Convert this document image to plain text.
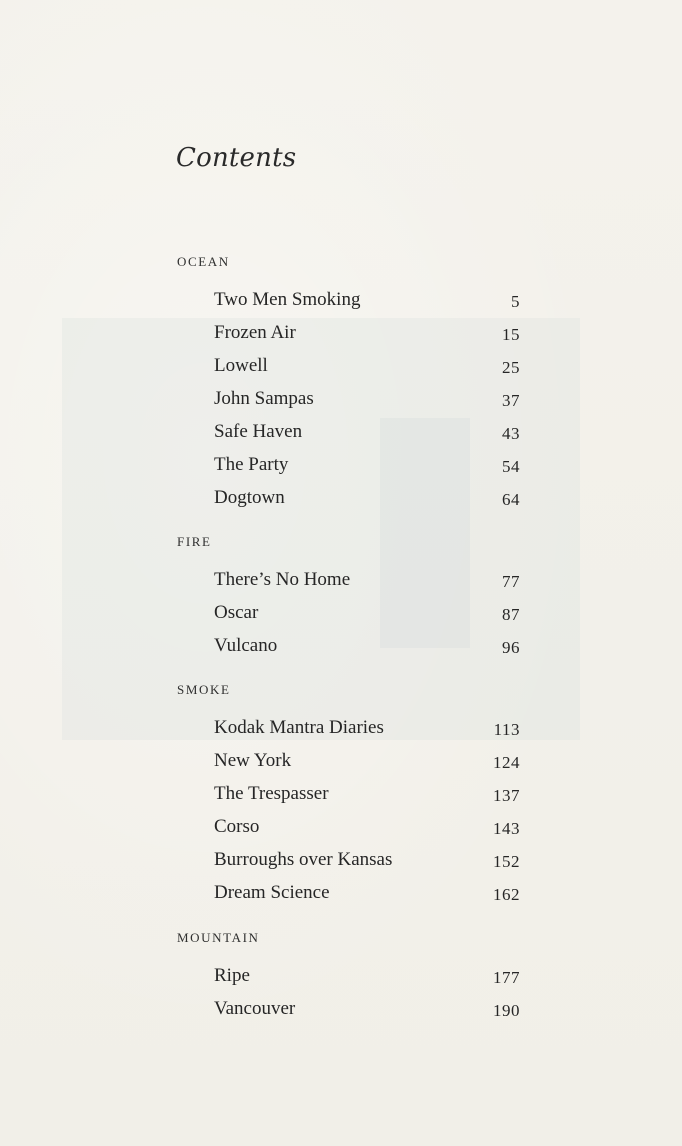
Contents
OCEAN
Two Men Smoking	5
Frozen Air	15
Lowell	25
John Sampas	37
Safe Haven	43
The Party	54
Dogtown	64
FIRE
There’s No Home	77
Oscar	87
Vulcano	96
SMOKE
Kodak Mantra Diaries	113
New York	124
The Trespasser	137
Corso	143
Burroughs over Kansas	152
Dream Science	162
MOUNTAIN
Ripe	177
Vancouver	190
